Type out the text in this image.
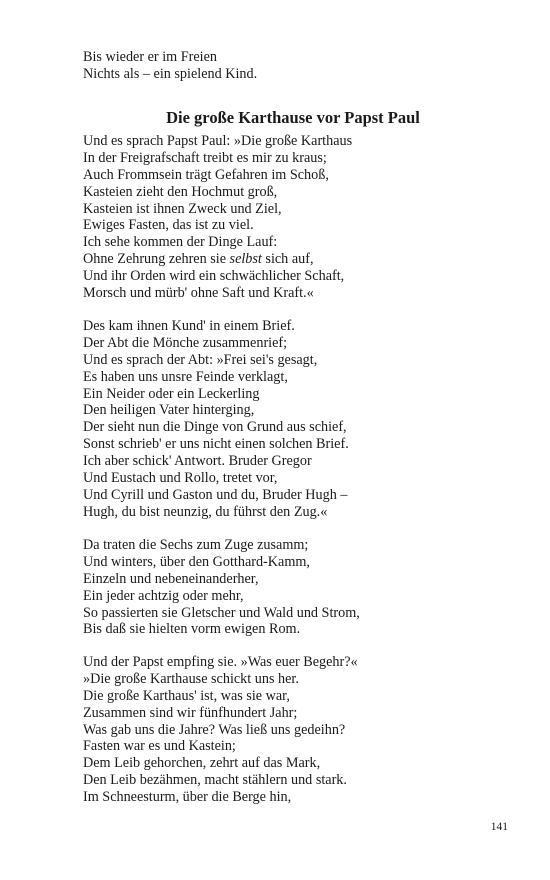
Bis wieder er im Freien
Nichts als – ein spielend Kind.
Die große Karthause vor Papst Paul
Und es sprach Papst Paul: »Die große Karthaus
In der Freigrafschaft treibt es mir zu kraus;
Auch Frommsein trägt Gefahren im Schoß,
Kasteien zieht den Hochmut groß,
Kasteien ist ihnen Zweck und Ziel,
Ewiges Fasten, das ist zu viel.
Ich sehe kommen der Dinge Lauf:
Ohne Zehrung zehren sie selbst sich auf,
Und ihr Orden wird ein schwächlicher Schaft,
Morsch und mürb' ohne Saft und Kraft.«
Des kam ihnen Kund' in einem Brief.
Der Abt die Mönche zusammenrief;
Und es sprach der Abt: »Frei sei's gesagt,
Es haben uns unsre Feinde verklagt,
Ein Neider oder ein Leckerling
Den heiligen Vater hinterging,
Der sieht nun die Dinge von Grund aus schief,
Sonst schrieb' er uns nicht einen solchen Brief.
Ich aber schick' Antwort. Bruder Gregor
Und Eustach und Rollo, tretet vor,
Und Cyrill und Gaston und du, Bruder Hugh –
Hugh, du bist neunzig, du führst den Zug.«
Da traten die Sechs zum Zuge zusamm;
Und winters, über den Gotthard-Kamm,
Einzeln und nebeneinanderher,
Ein jeder achtzig oder mehr,
So passierten sie Gletscher und Wald und Strom,
Bis daß sie hielten vorm ewigen Rom.
Und der Papst empfing sie. »Was euer Begehr?«
»Die große Karthause schickt uns her.
Die große Karthaus' ist, was sie war,
Zusammen sind wir fünfhundert Jahr;
Was gab uns die Jahre? Was ließ uns gedeihn?
Fasten war es und Kastein;
Dem Leib gehorchen, zehrt auf das Mark,
Den Leib bezähmen, macht stählern und stark.
Im Schneesturm, über die Berge hin,
141
